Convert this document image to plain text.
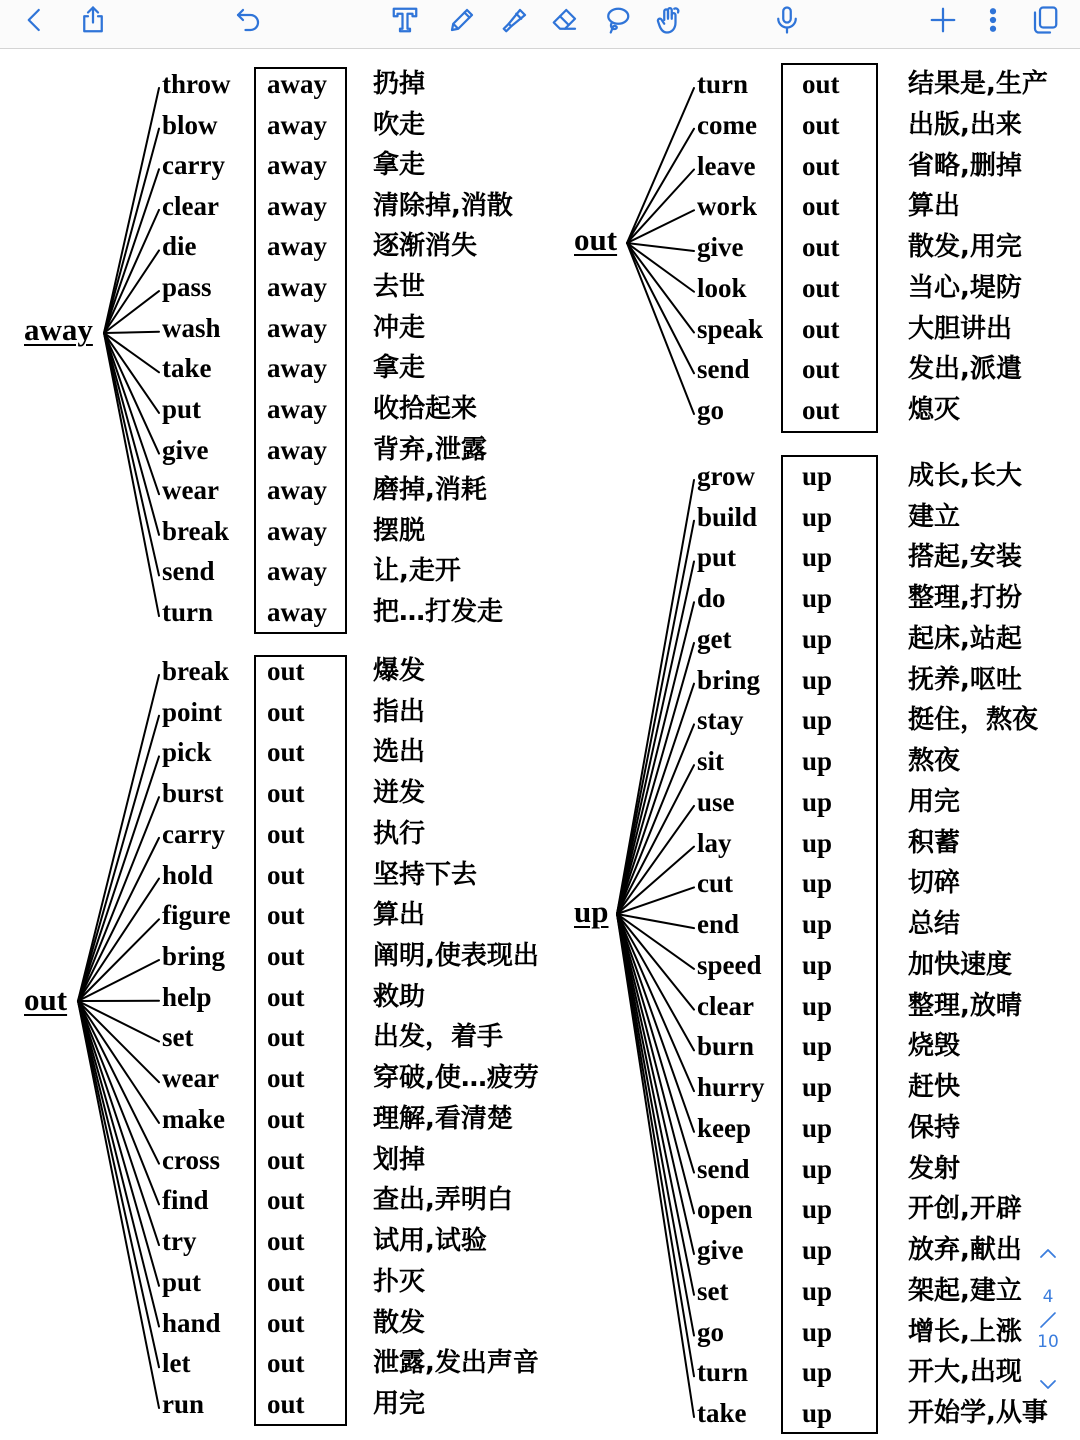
away
throw away 扔掉
blow away 吹走
carry away 拿走
clear away 清除掉,消散
die	away 逐渐消失
pass away 去世
wash away 冲走
take away 拿走
put away 收拾起来
give away 背弃,泄露
wear away 磨掉,消耗
break away 摆脱
send away 让,走开
turn away 把…打发走
out
break out	爆发
point out	指出
pick out	选出
burst out	迸发
carry out	执行
hold out	坚持下去
figure out	算出
bring out	阐明,使表现出
help out	救助
set	out	出发，着手
wear out	穿破,使…疲劳
make out	理解,看清楚
cross out	划掉
find out	查出,弄明白
try	out	试用,试验
put out	扑灭
hand out	散发
let	out	泄露,发出声音
run out	用完
out
turn out	结果是,生产
come out	出版,出来
leave out	省略,删掉
work out	算出
give out	散发,用完
look out	当心,堤防
speak out	大胆讲出
send out	发出,派遣
go	out	熄灭
up
grow up	成长,长大
build up	建立
put up	搭起,安装
do	up	整理,打扮
get	up	起床,站起
bring up	抚养,呕吐
stay up	挺住，熬夜
sit	up	熬夜
use up	用完
lay	up	积蓄
cut	up	切碎
end up	总结
speed up	加快速度
clear up	整理,放晴
burn up	烧毁
hurry up	赶快
keep up	保持
send up	发射
open up	开创,开辟
give up	放弃,献出
set	up	架起,建立
go	up	增长,上涨
turn up	开大,出现
take up	开始学,从事
4
10
